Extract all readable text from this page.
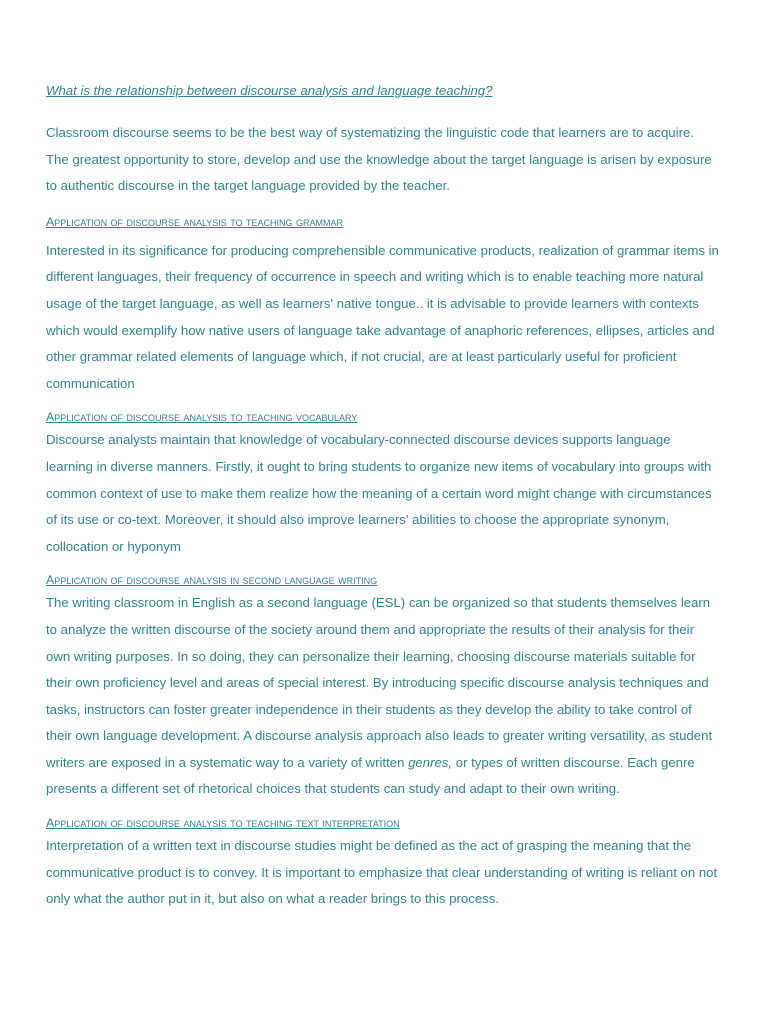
What is the relationship between discourse analysis and language teaching?

Classroom discourse seems to be the best way of systematizing the linguistic code that learners are to acquire. The greatest opportunity to store, develop and use the knowledge about the target language is arisen by exposure to authentic discourse in the target language provided by the teacher.

Application of discourse analysis to teaching grammar

Interested in its significance for producing comprehensible communicative products, realization of grammar items in different languages, their frequency of occurrence in speech and writing which is to enable teaching more natural usage of the target language, as well as learners' native tongue.. it is advisable to provide learners with contexts which would exemplify how native users of language take advantage of anaphoric references, ellipses, articles and other grammar related elements of language which, if not crucial, are at least particularly useful for proficient communication

Application of discourse analysis to teaching vocabulary

Discourse analysts maintain that knowledge of vocabulary-connected discourse devices supports language learning in diverse manners. Firstly, it ought to bring students to organize new items of vocabulary into groups with common context of use to make them realize how the meaning of a certain word might change with circumstances of its use or co-text. Moreover, it should also improve learners' abilities to choose the appropriate synonym, collocation or hyponym

Application of discourse analysis in second language writing

The writing classroom in English as a second language (ESL) can be organized so that students themselves learn to analyze the written discourse of the society around them and appropriate the results of their analysis for their own writing purposes. In so doing, they can personalize their learning, choosing discourse materials suitable for their own proficiency level and areas of special interest. By introducing specific discourse analysis techniques and tasks, instructors can foster greater independence in their students as they develop the ability to take control of their own language development. A discourse analysis approach also leads to greater writing versatility, as student writers are exposed in a systematic way to a variety of written genres, or types of written discourse. Each genre presents a different set of rhetorical choices that students can study and adapt to their own writing.

Application of discourse analysis to teaching text interpretation

Interpretation of a written text in discourse studies might be defined as the act of grasping the meaning that the communicative product is to convey. It is important to emphasize that clear understanding of writing is reliant on not only what the author put in it, but also on what a reader brings to this process.
